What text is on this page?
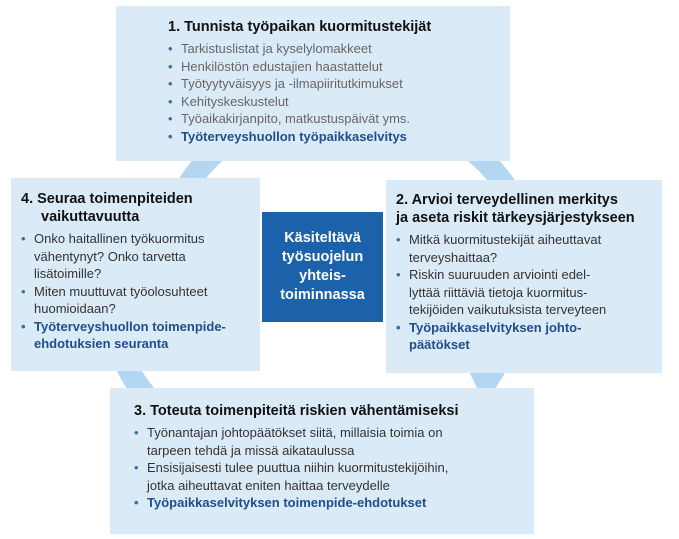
1. Tunnista työpaikan kuormitustekijät
• Tarkistuslistat ja kyselylomakkeet
• Henkilöstön edustajien haastattelut
• Työtyytyväisyys ja -ilmapiiritutkimukset
• Kehityskeskustelut
• Työaikakirjanpito, matkustuspäivät yms.
• Työterveyshuollon työpaikkaselvitys
2. Arvioi terveydellinen merkitys
ja aseta riskit tärkeysjärjestykseen
• Mitkä kuormitustekijät aiheuttavat
terveyshaittaa?
• Riskin suuruuden arviointi edel-
lyttää riittäviä tietoja kuormitus-
tekijöiden vaikutuksista terveyteen
• Työpaikkaselvityksen johto-
päätökset
3. Toteuta toimenpiteitä riskien vähentämiseksi
• Työnantajan johtopäätökset siitä, millaisia toimia on
tarpeen tehdä ja missä aikataulussa
• Ensisijaisesti tulee puuttua niihin kuormitustekijöihin,
jotka aiheuttavat eniten haittaa terveydelle
• Työpaikkaselvityksen toimenpide-ehdotukset
4. Seuraa toimenpiteiden
vaikuttavuutta
• Onko haitallinen työkuormitus
vähentynyt? Onko tarvetta
lisätoimille?
• Miten muuttuvat työolosuhteet
huomioidaan?
• Työterveyshuollon toimenpide-
ehdotuksien seuranta
Käsiteltävä
työsuojelun
yhteis-
toiminnassa
